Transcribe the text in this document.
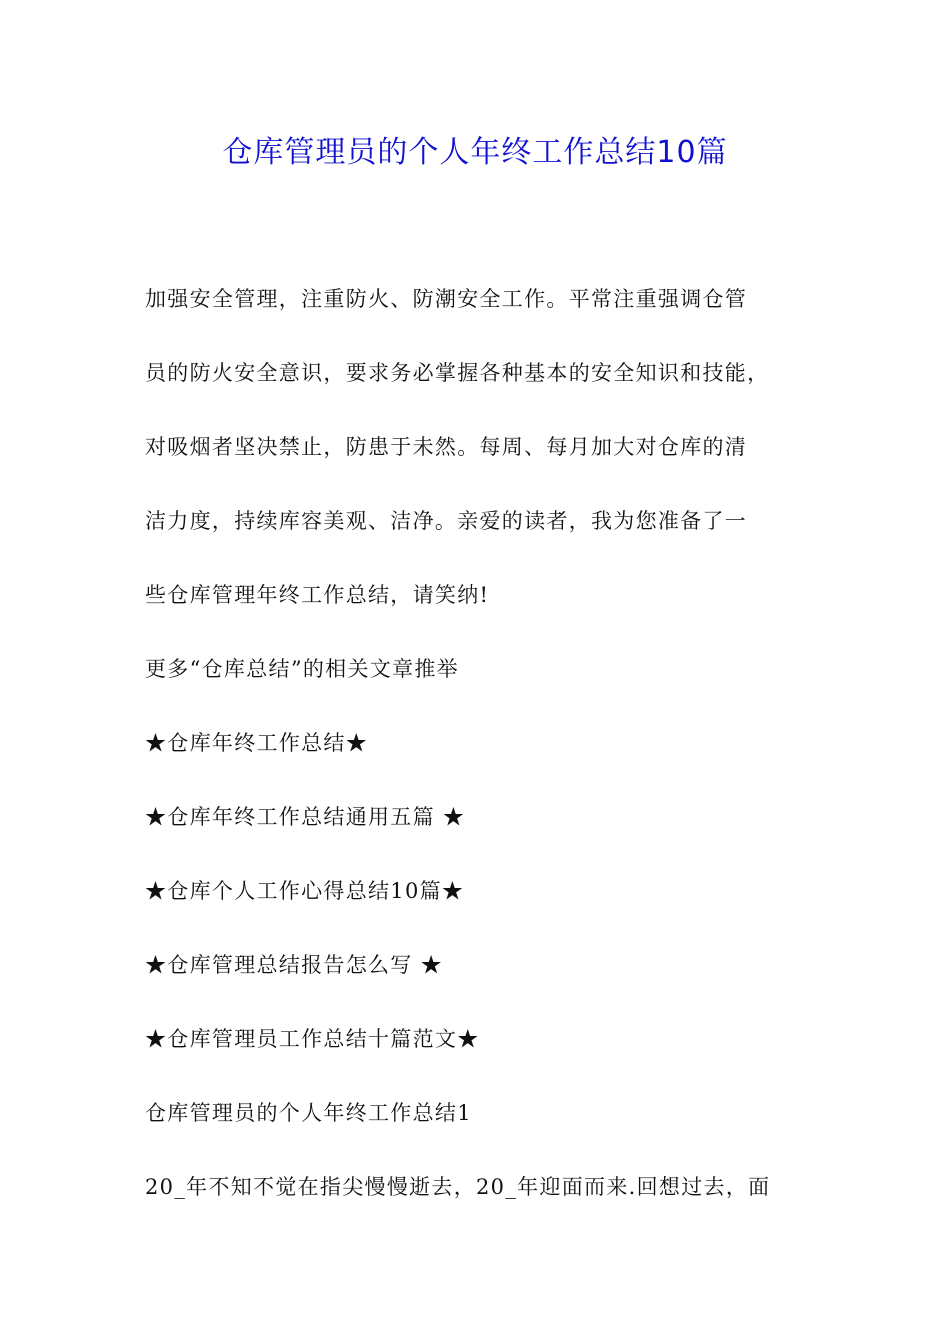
仓库管理员的个人年终工作总结10篇

加强安全管理，注重防火、防潮安全工作。平常注重强调仓管

员的防火安全意识，要求务必掌握各种基本的安全知识和技能，

对吸烟者坚决禁止，防患于未然。每周、每月加大对仓库的清

洁力度，持续库容美观、洁净。亲爱的读者，我为您准备了一

些仓库管理年终工作总结，请笑纳!

更多“仓库总结”的相关文章推举

★仓库年终工作总结★

★仓库年终工作总结通用五篇 ★

★仓库个人工作心得总结10篇★

★仓库管理总结报告怎么写 ★

★仓库管理员工作总结十篇范文★

仓库管理员的个人年终工作总结1

20_年不知不觉在指尖慢慢逝去，20_年迎面而来.回想过去，面
